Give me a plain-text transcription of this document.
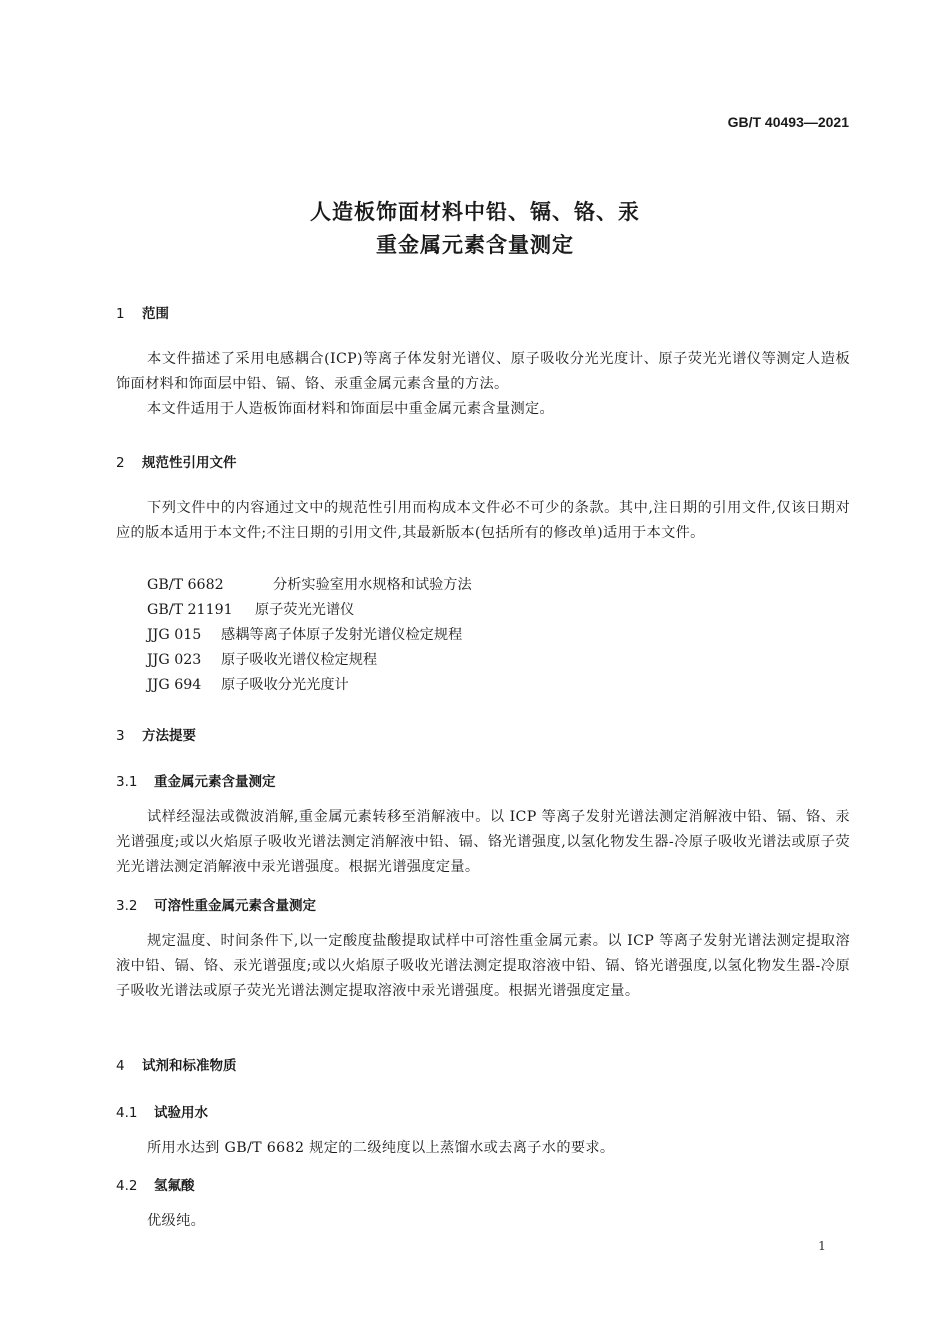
GB/T 40493—2021
人造板饰面材料中铅、镉、铬、汞
重金属元素含量测定
1 范围

本文件描述了采用电感耦合(ICP)等离子体发射光谱仪、原子吸收分光光度计、原子荧光光谱仪等测定人造板饰面材料和饰面层中铅、镉、铬、汞重金属元素含量的方法。

本文件适用于人造板饰面材料和饰面层中重金属元素含量测定。

2 规范性引用文件

下列文件中的内容通过文中的规范性引用而构成本文件必不可少的条款。其中,注日期的引用文件,仅该日期对应的版本适用于本文件;不注日期的引用文件,其最新版本(包括所有的修改单)适用于本文件。

GB/T 6682	分析实验室用水规格和试验方法
GB/T 21191 原子荧光光谱仪
JJG 015 感耦等离子体原子发射光谱仪检定规程
JJG 023 原子吸收光谱仪检定规程
JJG 694 原子吸收分光光度计
3 方法提要
3.1 重金属元素含量测定

试样经湿法或微波消解,重金属元素转移至消解液中。以 ICP 等离子发射光谱法测定消解液中铅、镉、铬、汞光谱强度;或以火焰原子吸收光谱法测定消解液中铅、镉、铬光谱强度,以氢化物发生器-冷原子吸收光谱法或原子荧光光谱法测定消解液中汞光谱强度。根据光谱强度定量。

3.2 可溶性重金属元素含量测定

规定温度、时间条件下,以一定酸度盐酸提取试样中可溶性重金属元素。以 ICP 等离子发射光谱法测定提取溶液中铅、镉、铬、汞光谱强度;或以火焰原子吸收光谱法测定提取溶液中铅、镉、铬光谱强度,以氢化物发生器-冷原子吸收光谱法或原子荧光光谱法测定提取溶液中汞光谱强度。根据光谱强度定量。

4 试剂和标准物质
4.1 试验用水

所用水达到 GB/T 6682 规定的二级纯度以上蒸馏水或去离子水的要求。

4.2 氢氟酸

优级纯。

1
